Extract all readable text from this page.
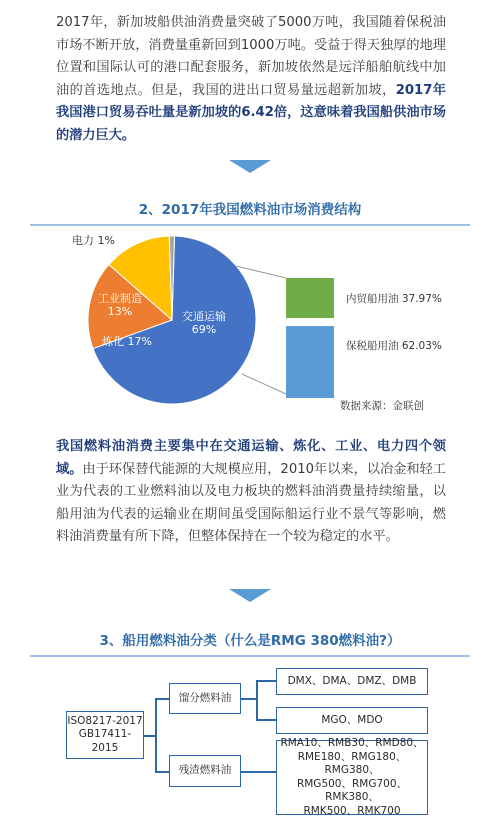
2017年，新加坡船供油消费量突破了5000万吨，我国随着保税油市场不断开放，消费量重新回到1000万吨。受益于得天独厚的地理位置和国际认可的港口配套服务，新加坡依然是远洋船舶航线中加油的首选地点。但是，我国的进出口贸易量远超新加坡，2017年我国港口贸易吞吐量是新加坡的6.42倍，这意味着我国船供油市场的潜力巨大。
2、2017年我国燃料油市场消费结构
交通运输
69%
炼化 17%
工业制造
13%
电力 1%
内贸船用油 37.97%
保税船用油 62.03%
数据来源：金联创
我国燃料油消费主要集中在交通运输、炼化、工业、电力四个领域。由于环保替代能源的大规模应用，2010年以来，以冶金和轻工业为代表的工业燃料油以及电力板块的燃料油消费量持续缩量，以船用油为代表的运输业在期间虽受国际船运行业不景气等影响，燃料油消费量有所下降，但整体保持在一个较为稳定的水平。
3、船用燃料油分类（什么是RMG 380燃料油?）
ISO8217-2017
GB17411-2015
馏分燃料油
残渣燃料油
DMX、DMA、DMZ、DMB
MGO、MDO
RMA10、RMB30、RMD80、
RME180、RMG180、RMG380、
RMG500、RMG700、RMK380、
RMK500、RMK700
